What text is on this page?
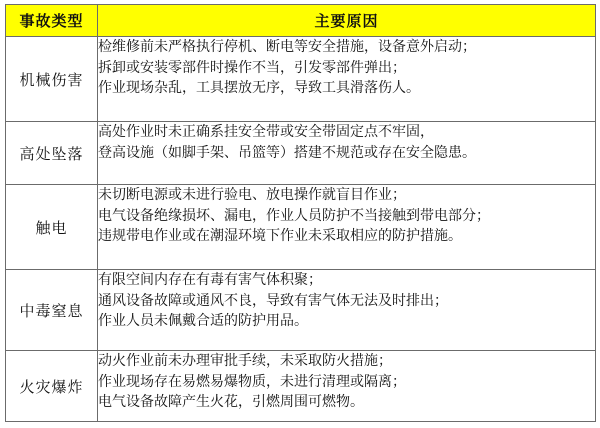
事故类型	主要原因
机械伤害	检维修前未严格执行停机、断电等安全措施，设备意外启动；
拆卸或安装零部件时操作不当，引发零部件弹出；
作业现场杂乱，工具摆放无序，导致工具滑落伤人。

高处坠落	高处作业时未正确系挂安全带或安全带固定点不牢固，
登高设施（如脚手架、吊篮等）搭建不规范或存在安全隐患。

触电	未切断电源或未进行验电、放电操作就盲目作业；
电气设备绝缘损坏、漏电，作业人员防护不当接触到带电部分；
违规带电作业或在潮湿环境下作业未采取相应的防护措施。

中毒窒息	有限空间内存在有毒有害气体积聚；
通风设备故障或通风不良，导致有害气体无法及时排出；
作业人员未佩戴合适的防护用品。

火灾爆炸	动火作业前未办理审批手续，未采取防火措施；
作业现场存在易燃易爆物质，未进行清理或隔离；
电气设备故障产生火花，引燃周围可燃物。
